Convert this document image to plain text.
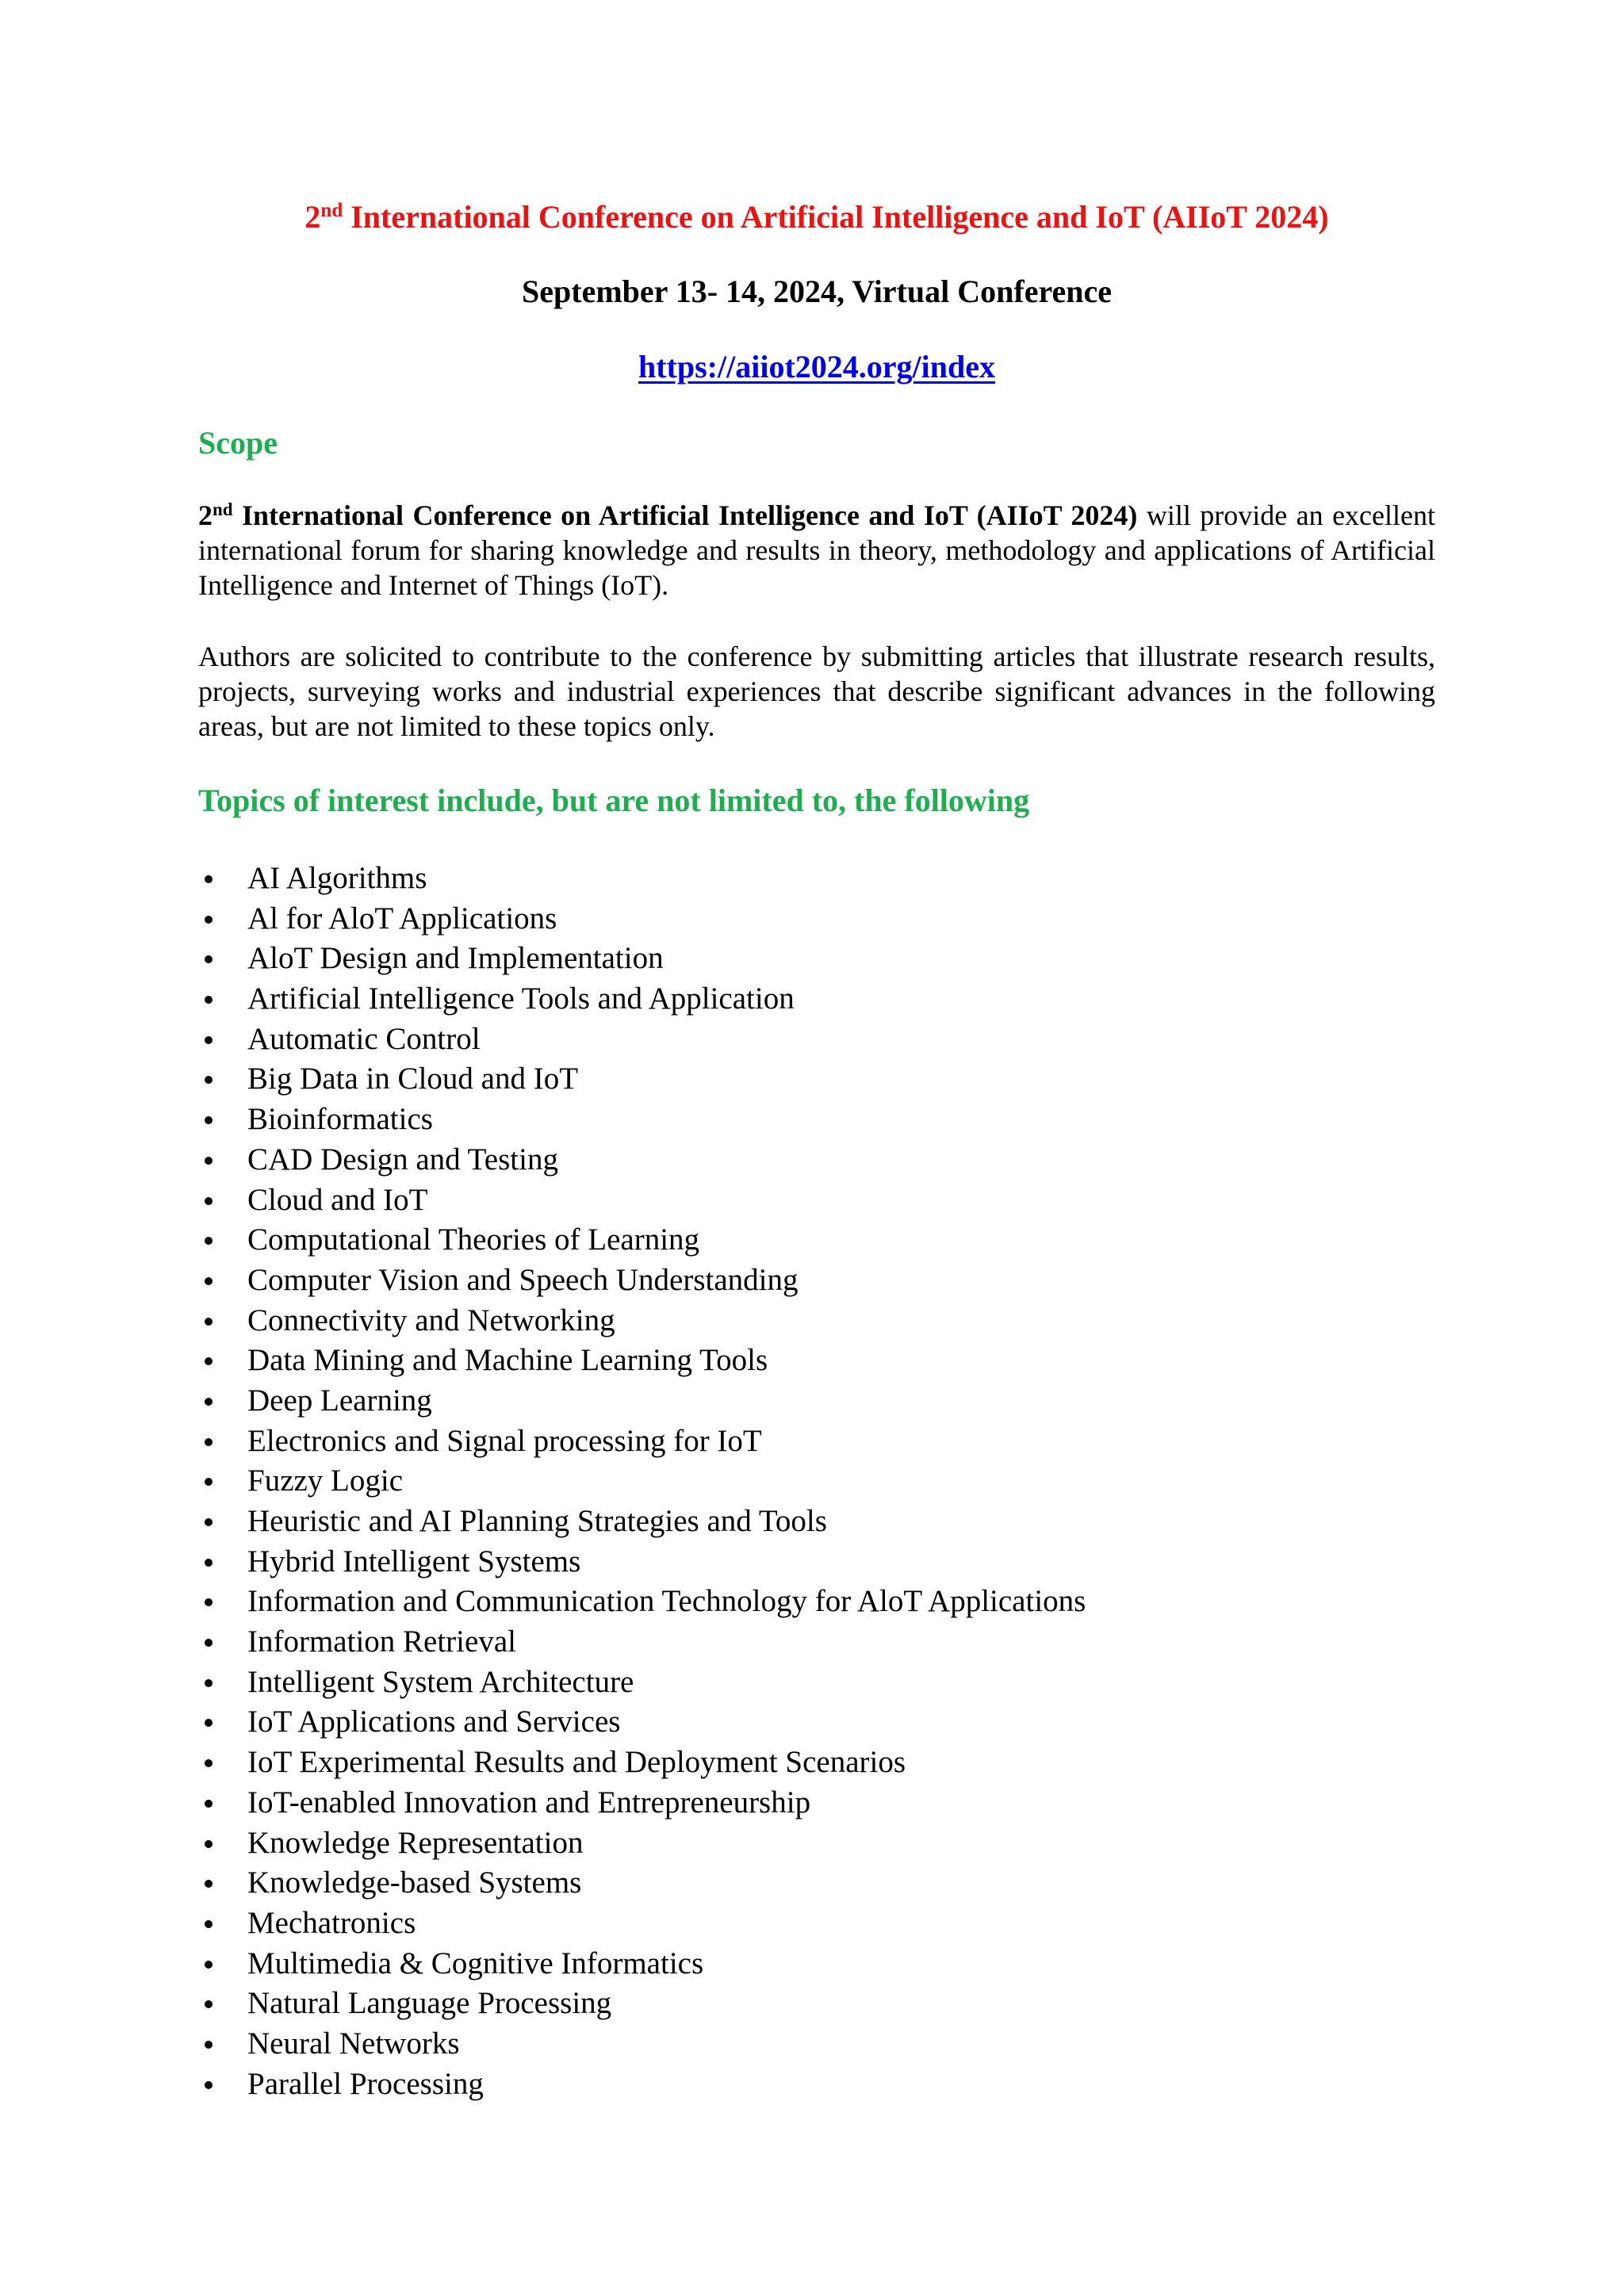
2nd International Conference on Artificial Intelligence and IoT (AIIoT 2024)
September 13- 14, 2024, Virtual Conference
https://aiiot2024.org/index
Scope
2nd International Conference on Artificial Intelligence and IoT (AIIoT 2024) will provide an excellent international forum for sharing knowledge and results in theory, methodology and applications of Artificial Intelligence and Internet of Things (IoT).
Authors are solicited to contribute to the conference by submitting articles that illustrate research results, projects, surveying works and industrial experiences that describe significant advances in the following areas, but are not limited to these topics only.
Topics of interest include, but are not limited to, the following
AI Algorithms
Al for AloT Applications
AloT Design and Implementation
Artificial Intelligence Tools and Application
Automatic Control
Big Data in Cloud and IoT
Bioinformatics
CAD Design and Testing
Cloud and IoT
Computational Theories of Learning
Computer Vision and Speech Understanding
Connectivity and Networking
Data Mining and Machine Learning Tools
Deep Learning
Electronics and Signal processing for IoT
Fuzzy Logic
Heuristic and AI Planning Strategies and Tools
Hybrid Intelligent Systems
Information and Communication Technology for AloT Applications
Information Retrieval
Intelligent System Architecture
IoT Applications and Services
IoT Experimental Results and Deployment Scenarios
IoT-enabled Innovation and Entrepreneurship
Knowledge Representation
Knowledge-based Systems
Mechatronics
Multimedia & Cognitive Informatics
Natural Language Processing
Neural Networks
Parallel Processing
